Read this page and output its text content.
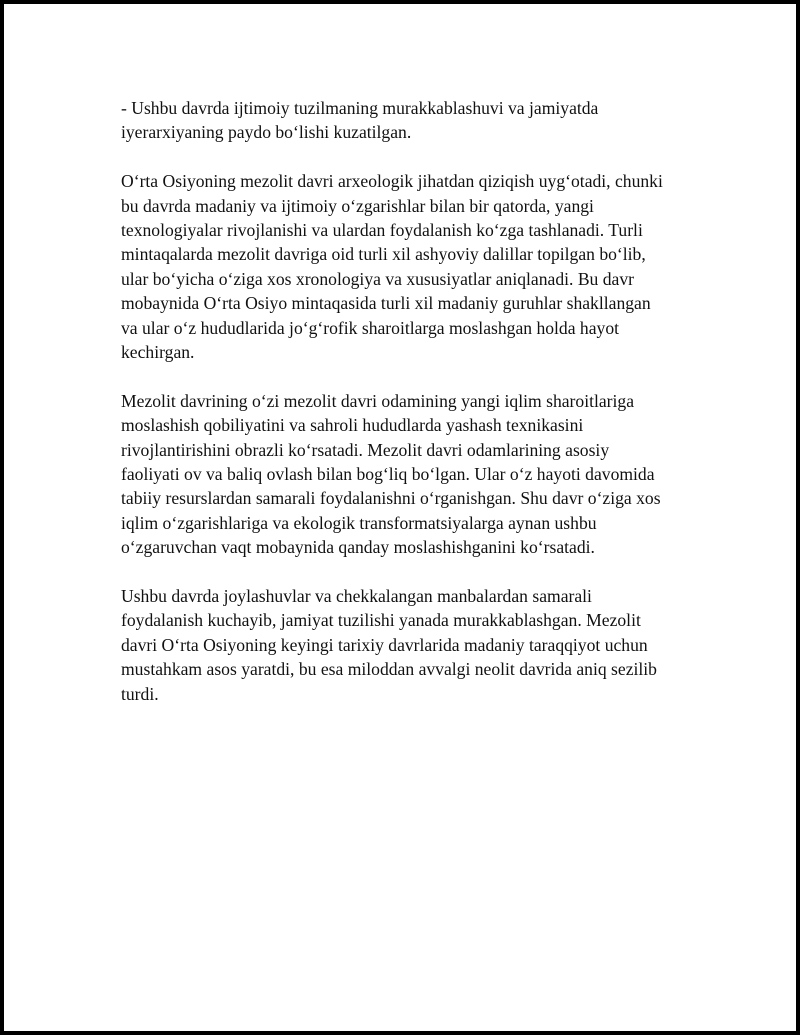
- Ushbu davrda ijtimoiy tuzilmaning murakkablashuvi va jamiyatda
iyerarxiyaning paydo bo‘lishi kuzatilgan.

O‘rta Osiyoning mezolit davri arxeologik jihatdan qiziqish uyg‘otadi, chunki
bu davrda madaniy va ijtimoiy o‘zgarishlar bilan bir qatorda, yangi
texnologiyalar rivojlanishi va ulardan foydalanish ko‘zga tashlanadi. Turli
mintaqalarda mezolit davriga oid turli xil ashyoviy dalillar topilgan bo‘lib,
ular bo‘yicha o‘ziga xos xronologiya va xususiyatlar aniqlanadi. Bu davr
mobaynida O‘rta Osiyo mintaqasida turli xil madaniy guruhlar shakllangan
va ular o‘z hududlarida jo‘g‘rofik sharoitlarga moslashgan holda hayot
kechirgan.

Mezolit davrining o‘zi mezolit davri odamining yangi iqlim sharoitlariga
moslashish qobiliyatini va sahroli hududlarda yashash texnikasini
rivojlantirishini obrazli ko‘rsatadi. Mezolit davri odamlarining asosiy
faoliyati ov va baliq ovlash bilan bog‘liq bo‘lgan. Ular o‘z hayoti davomida
tabiiy resurslardan samarali foydalanishni o‘rganishgan. Shu davr o‘ziga xos
iqlim o‘zgarishlariga va ekologik transformatsiyalarga aynan ushbu
o‘zgaruvchan vaqt mobaynida qanday moslashishganini ko‘rsatadi.

Ushbu davrda joylashuvlar va chekkalangan manbalardan samarali
foydalanish kuchayib, jamiyat tuzilishi yanada murakkablashgan. Mezolit
davri O‘rta Osiyoning keyingi tarixiy davrlarida madaniy taraqqiyot uchun
mustahkam asos yaratdi, bu esa miloddan avvalgi neolit davrida aniq sezilib
turdi.
